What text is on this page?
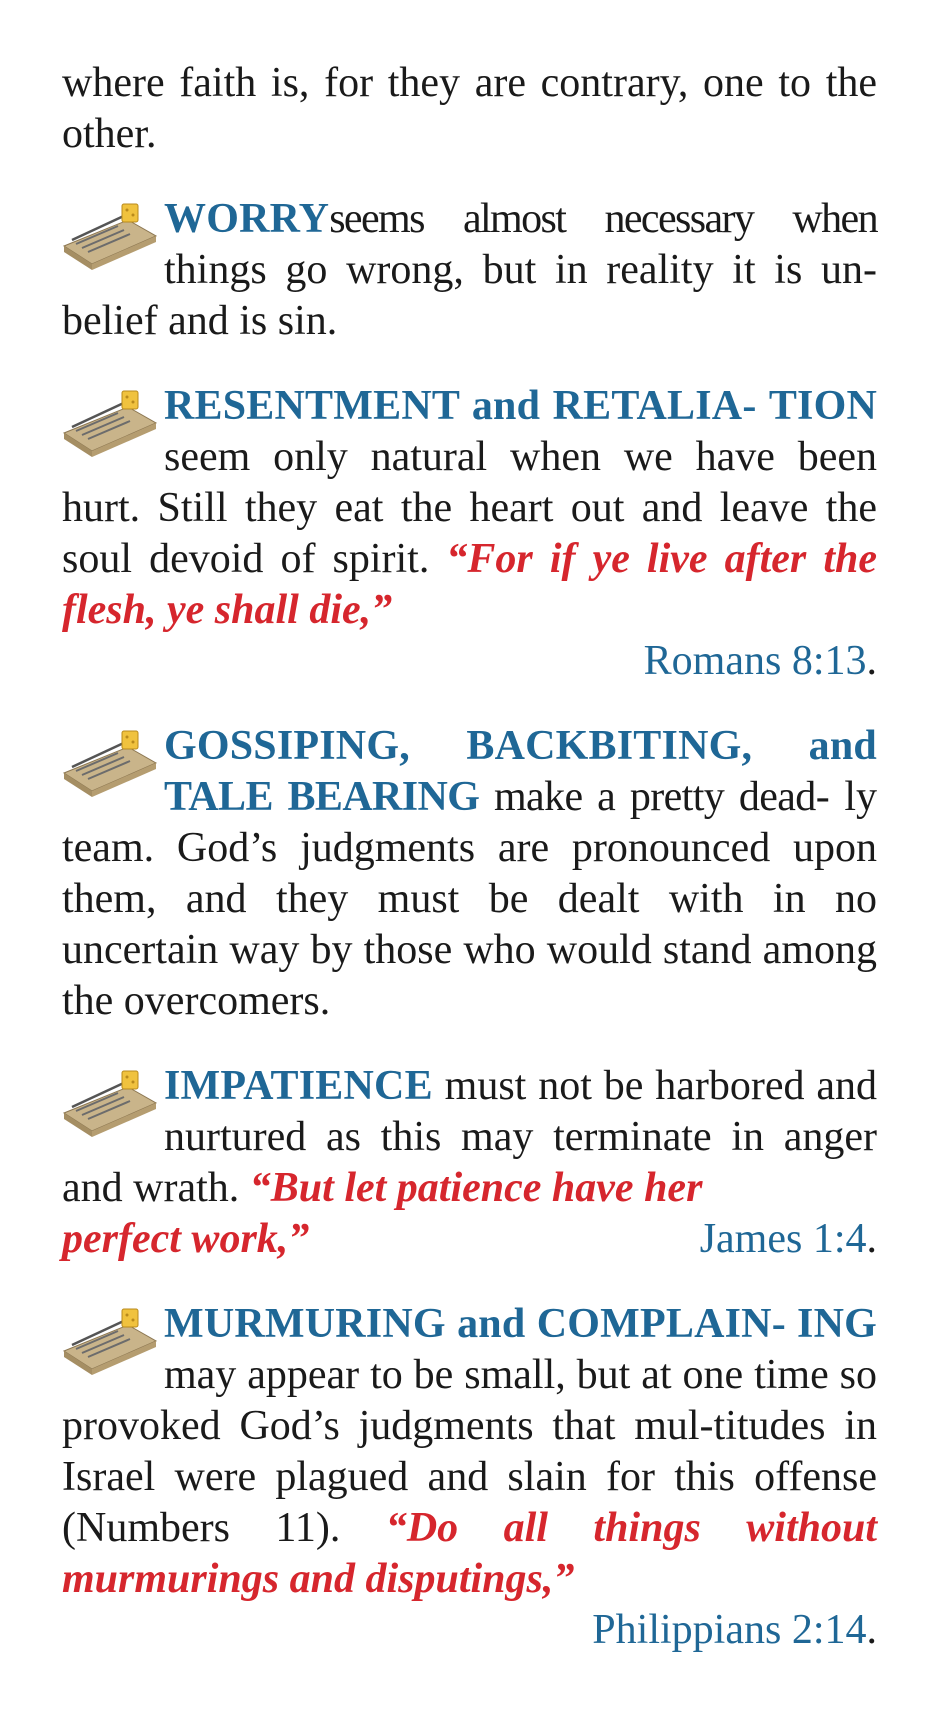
where faith is, for they are contrary, one to the other.

WORRYseems almost necessary when things go wrong, but in reality it is un- belief and is sin.

RESENTMENT and RETALIA- TION seem only natural when we have been hurt. Still they eat the heart out and leave the soul devoid of spirit. “For if ye live after the flesh, ye shall die,”

Romans 8:13.

GOSSIPING, BACKBITING, and TALE BEARING make a pretty dead- ly team. God’s judgments are pronounced upon them, and they must be dealt with in no uncertain way by those who would stand among the overcomers.

IMPATIENCE must not be harbored and nurtured as this may terminate in anger and wrath. “But let patience have her

perfect work,”	James 1:4.

MURMURING and COMPLAIN- ING may appear to be small, but at one time so provoked God’s judgments that mul-titudes in Israel were plagued and slain for this offense (Numbers 11). “Do all things without murmurings and disputings,”

Philippians 2:14.
